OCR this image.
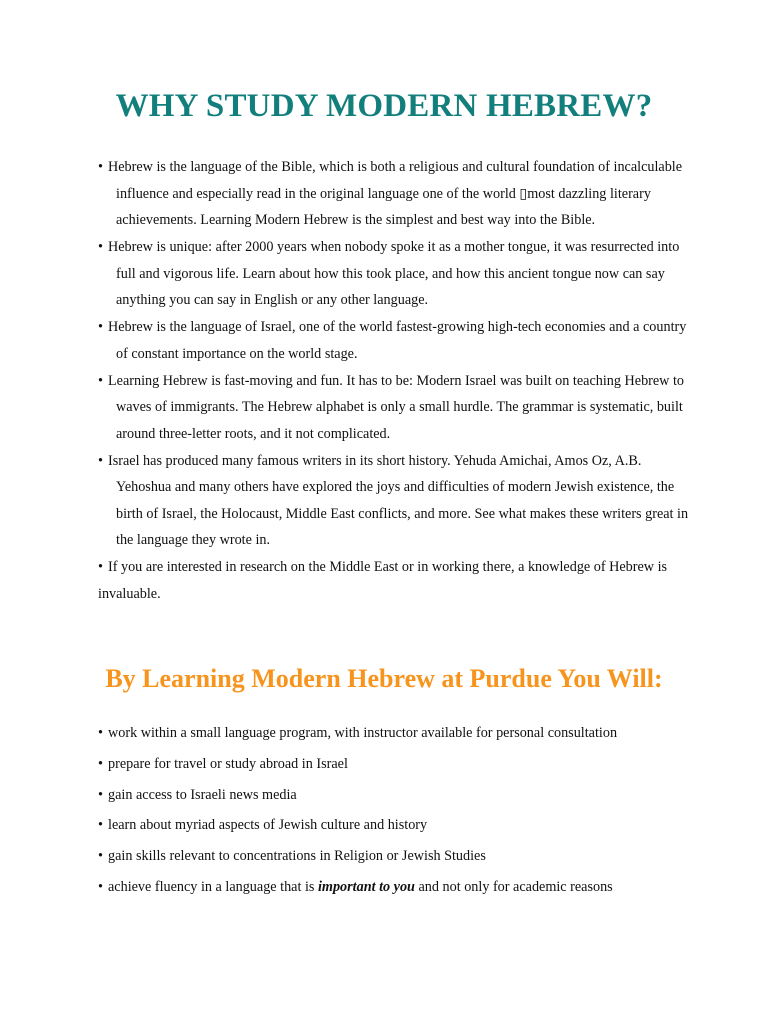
WHY STUDY MODERN HEBREW?
• Hebrew is the language of the Bible, which is both a religious and cultural foundation of incalculable influence and especially read in the original language one of the world ▯most dazzling literary achievements. Learning Modern Hebrew is the simplest and best way into the Bible.
• Hebrew is unique: after 2000 years when nobody spoke it as a mother tongue, it was resurrected into full and vigorous life. Learn about how this took place, and how this ancient tongue now can say anything you can say in English or any other language.
• Hebrew is the language of Israel, one of the world fastest-growing high-tech economies and a country of constant importance on the world stage.
• Learning Hebrew is fast-moving and fun. It has to be: Modern Israel was built on teaching Hebrew to waves of immigrants. The Hebrew alphabet is only a small hurdle. The grammar is systematic, built around three-letter roots, and it not complicated.
• Israel has produced many famous writers in its short history. Yehuda Amichai, Amos Oz, A.B. Yehoshua and many others have explored the joys and difficulties of modern Jewish existence, the birth of Israel, the Holocaust, Middle East conflicts, and more. See what makes these writers great in the language they wrote in.
• If you are interested in research on the Middle East or in working there, a knowledge of Hebrew is invaluable.
By Learning Modern Hebrew at Purdue You Will:
• work within a small language program, with instructor available for personal consultation
• prepare for travel or study abroad in Israel
• gain access to Israeli news media
• learn about myriad aspects of Jewish culture and history
• gain skills relevant to concentrations in Religion or Jewish Studies
• achieve fluency in a language that is important to you and not only for academic reasons
